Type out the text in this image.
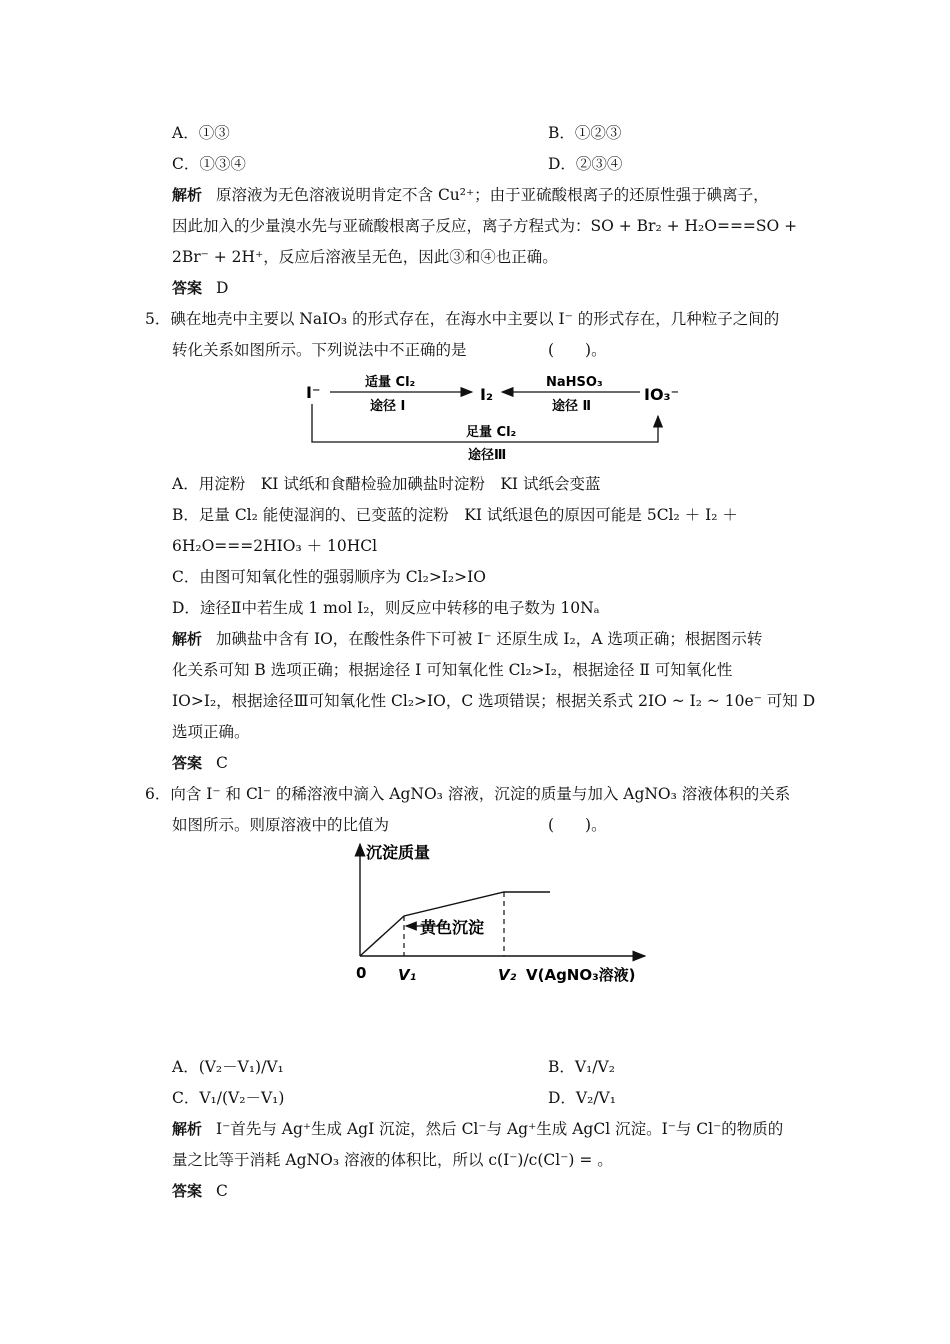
A．①③	B．①②③
C．①③④	D．②③④
解析 原溶液为无色溶液说明肯定不含 Cu²⁺；由于亚硫酸根离子的还原性强于碘离子，
因此加入的少量溴水先与亚硫酸根离子反应，离子方程式为：SO + Br₂ + H₂O===SO +
2Br⁻ + 2H⁺，反应后溶液呈无色，因此③和④也正确。
答案 D
5．碘在地壳中主要以 NaIO₃ 的形式存在，在海水中主要以 I⁻ 的形式存在，几种粒子之间的
转化关系如图所示。下列说法中不正确的是	(　　)。
I⁻	I₂	IO₃⁻
适量 Cl₂
途径 Ⅰ
NaHSO₃
途径 Ⅱ
足量 Cl₂
途径Ⅲ
A．用淀粉　KI 试纸和食醋检验加碘盐时淀粉　KI 试纸会变蓝
B．足量 Cl₂ 能使湿润的、已变蓝的淀粉　KI 试纸退色的原因可能是 5Cl₂ ＋ I₂ ＋
6H₂O===2HIO₃ ＋ 10HCl
C．由图可知氧化性的强弱顺序为 Cl₂>I₂>IO
D．途径Ⅱ中若生成 1 mol I₂，则反应中转移的电子数为 10Nₐ
解析 加碘盐中含有 IO，在酸性条件下可被 I⁻ 还原生成 I₂，A 选项正确；根据图示转
化关系可知 B 选项正确；根据途径 I 可知氧化性 Cl₂>I₂，根据途径 Ⅱ 可知氧化性
IO>I₂，根据途径Ⅲ可知氧化性 Cl₂>IO，C 选项错误；根据关系式 2IO ~ I₂ ~ 10e⁻ 可知 D
选项正确。
答案 C
6．向含 I⁻ 和 Cl⁻ 的稀溶液中滴入 AgNO₃ 溶液，沉淀的质量与加入 AgNO₃ 溶液体积的关系
如图所示。则原溶液中的比值为	(　　)。
沉淀质量
0 V₁	V₂ V(AgNO₃溶液)
黄色沉淀
A．(V₂－V₁)/V₁	B．V₁/V₂
C．V₁/(V₂－V₁)	D．V₂/V₁
解析 I⁻首先与 Ag⁺生成 AgI 沉淀，然后 Cl⁻与 Ag⁺生成 AgCl 沉淀。I⁻与 Cl⁻的物质的
量之比等于消耗 AgNO₃ 溶液的体积比，所以 c(I⁻)/c(Cl⁻) = 。
答案 C
